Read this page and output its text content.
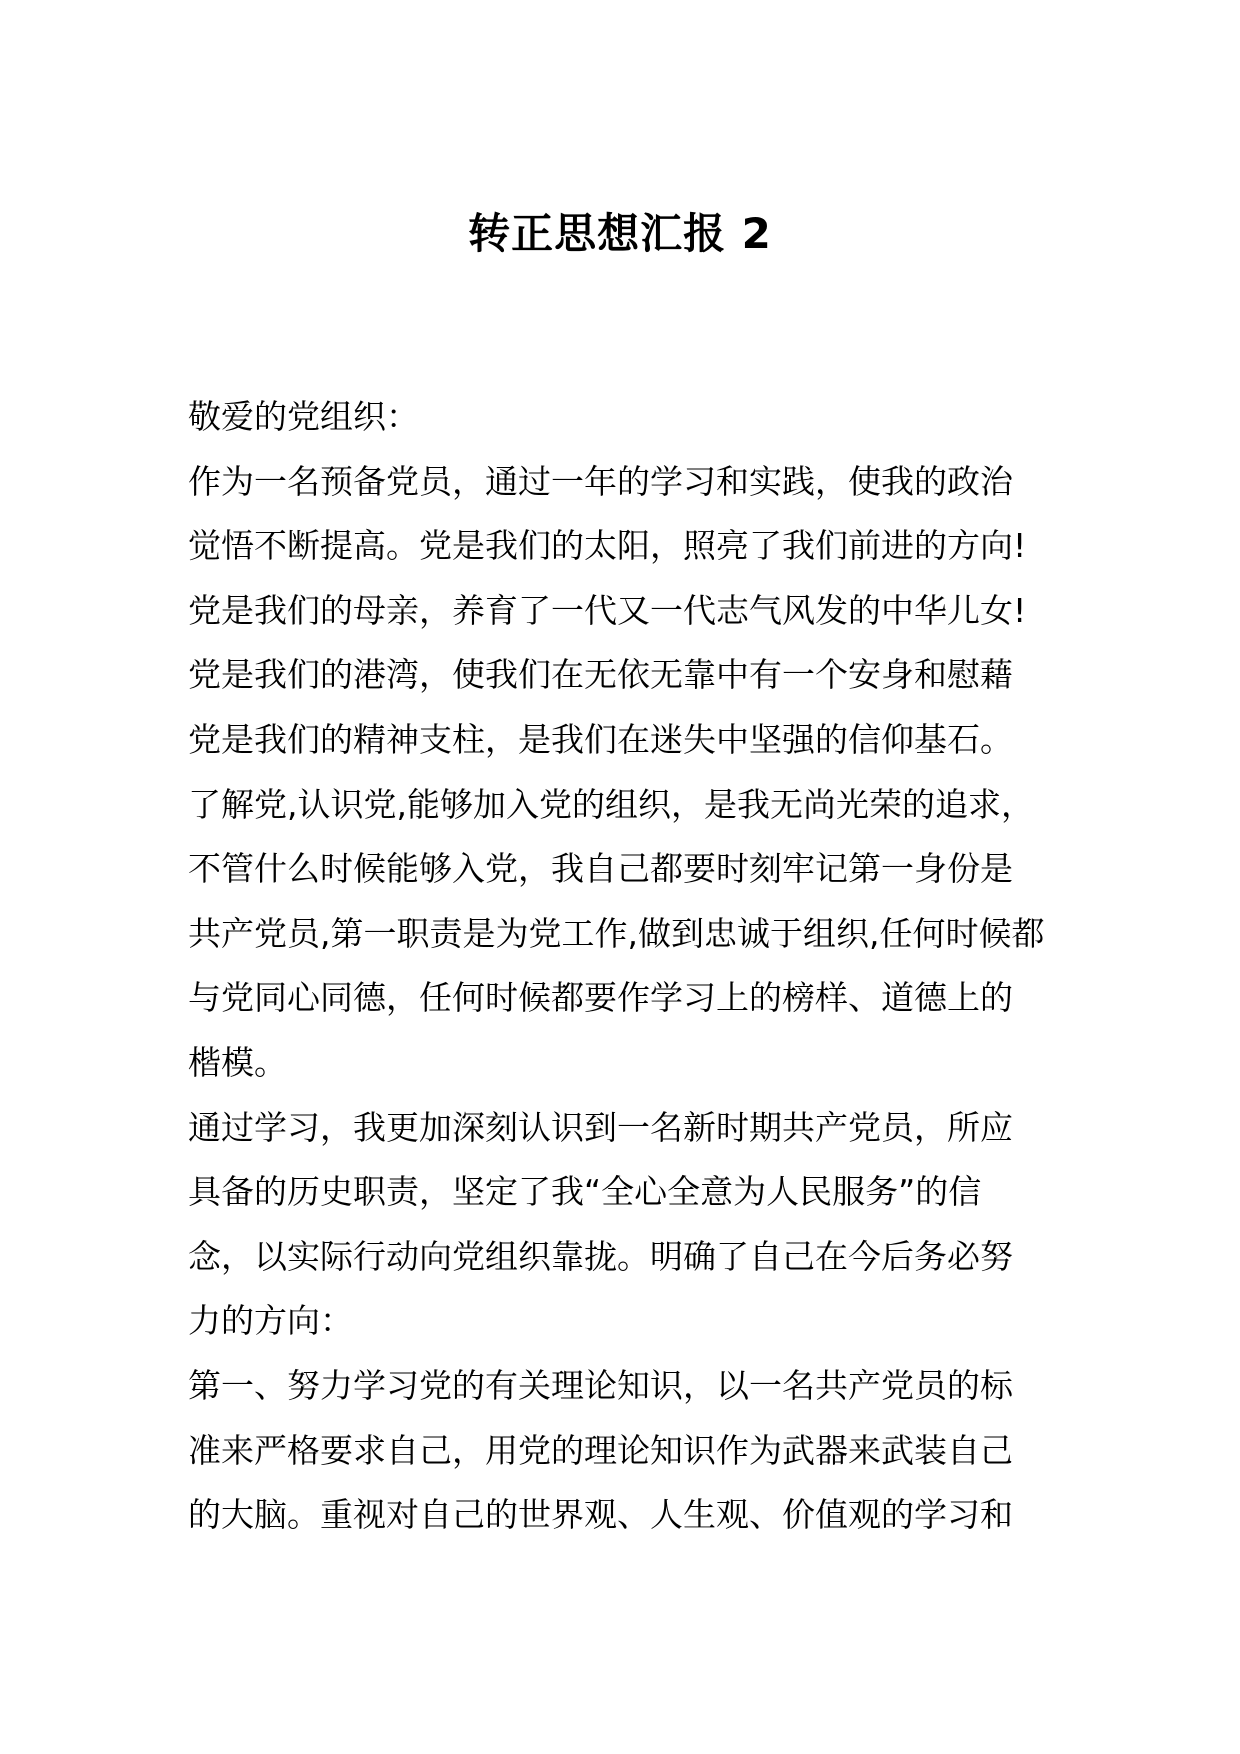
转正思想汇报 2
敬爱的党组织：
作为一名预备党员，通过一年的学习和实践，使我的政治
觉悟不断提高。党是我们的太阳，照亮了我们前进的方向!
党是我们的母亲，养育了一代又一代志气风发的中华儿女!
党是我们的港湾，使我们在无依无靠中有一个安身和慰藉
党是我们的精神支柱，是我们在迷失中坚强的信仰基石。
了解党,认识党,能够加入党的组织，是我无尚光荣的追求，
不管什么时候能够入党，我自己都要时刻牢记第一身份是
共产党员,第一职责是为党工作,做到忠诚于组织,任何时候都
与党同心同德，任何时候都要作学习上的榜样、道德上的
楷模。
通过学习，我更加深刻认识到一名新时期共产党员，所应
具备的历史职责，坚定了我“全心全意为人民服务”的信
念，以实际行动向党组织靠拢。明确了自己在今后务必努
力的方向：
第一、努力学习党的有关理论知识，以一名共产党员的标
准来严格要求自己，用党的理论知识作为武器来武装自己
的大脑。重视对自己的世界观、人生观、价值观的学习和
